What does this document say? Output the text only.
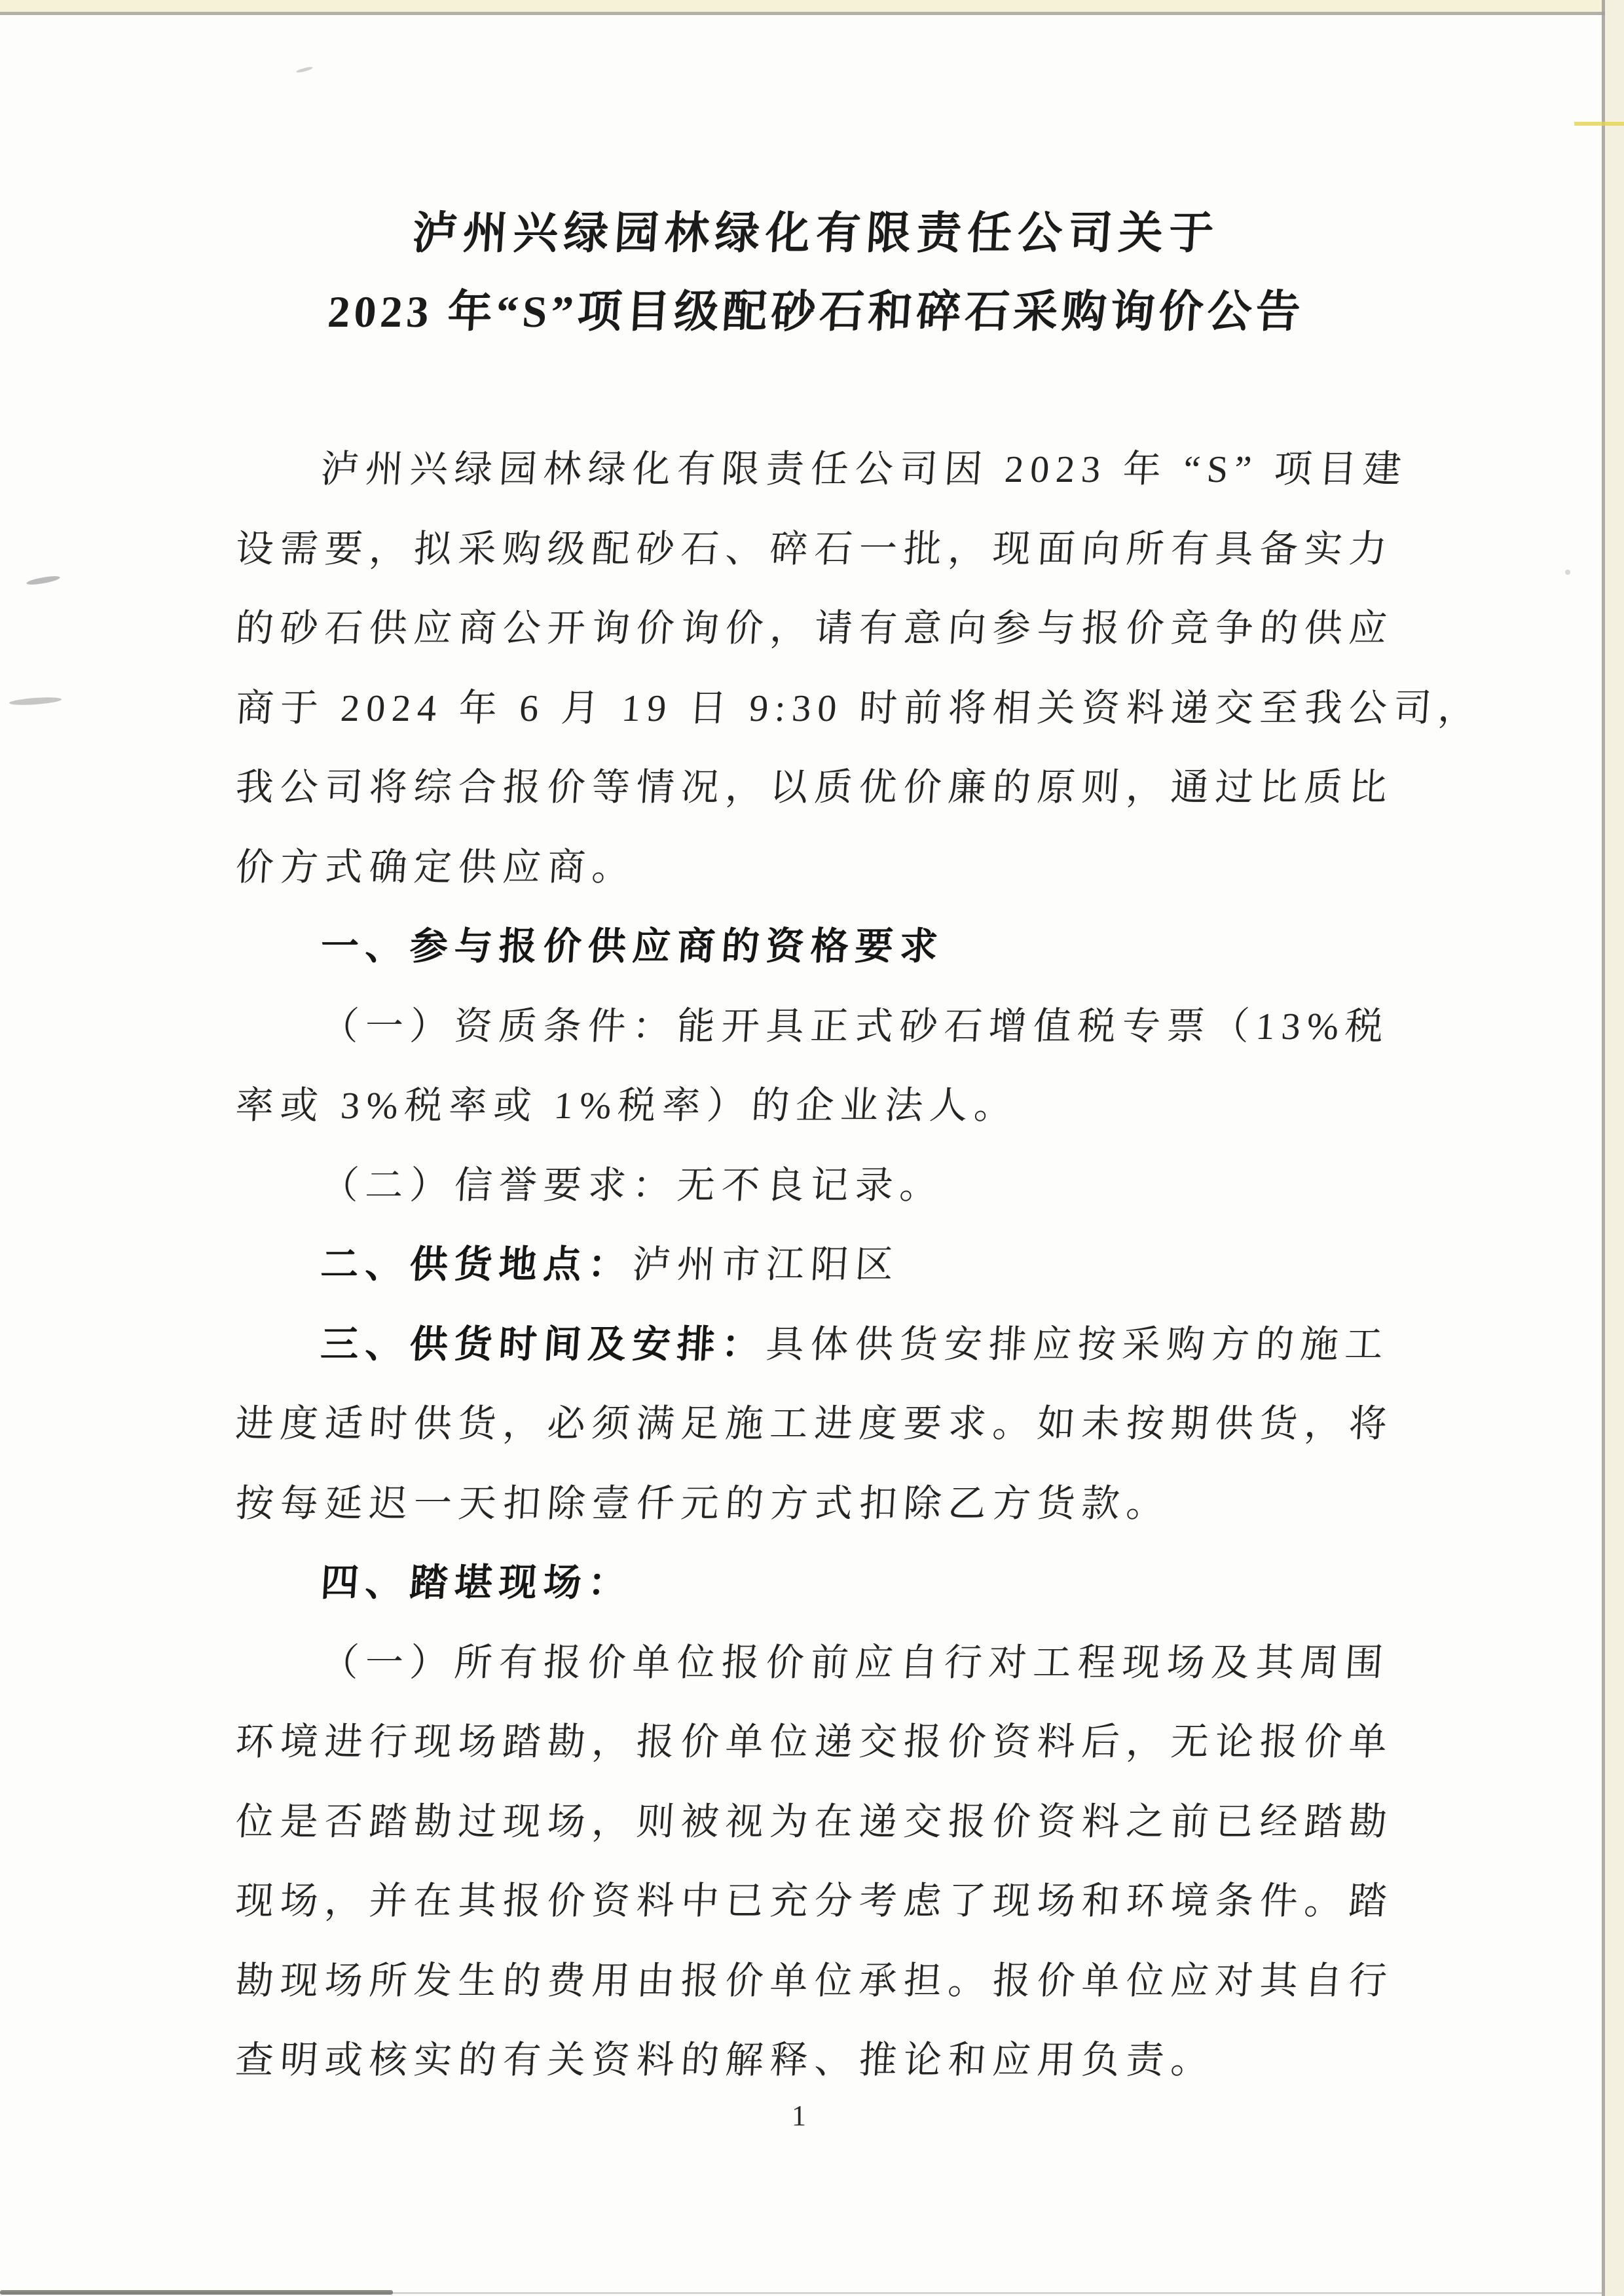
泸州兴绿园林绿化有限责任公司关于
2023 年“S”项目级配砂石和碎石采购询价公告
泸州兴绿园林绿化有限责任公司因 2023 年 “S” 项目建
设需要，拟采购级配砂石、碎石一批，现面向所有具备实力
的砂石供应商公开询价询价，请有意向参与报价竞争的供应
商于 2024 年 6 月 19 日 9:30 时前将相关资料递交至我公司，
我公司将综合报价等情况，以质优价廉的原则，通过比质比
价方式确定供应商。
一、参与报价供应商的资格要求
（一）资质条件：能开具正式砂石增值税专票（13%税
率或 3%税率或 1%税率）的企业法人。
（二）信誉要求：无不良记录。
二、供货地点：泸州市江阳区
三、供货时间及安排：具体供货安排应按采购方的施工
进度适时供货，必须满足施工进度要求。如未按期供货，将
按每延迟一天扣除壹仟元的方式扣除乙方货款。
四、踏堪现场：
（一）所有报价单位报价前应自行对工程现场及其周围
环境进行现场踏勘，报价单位递交报价资料后，无论报价单
位是否踏勘过现场，则被视为在递交报价资料之前已经踏勘
现场，并在其报价资料中已充分考虑了现场和环境条件。踏
勘现场所发生的费用由报价单位承担。报价单位应对其自行
查明或核实的有关资料的解释、推论和应用负责。
1
